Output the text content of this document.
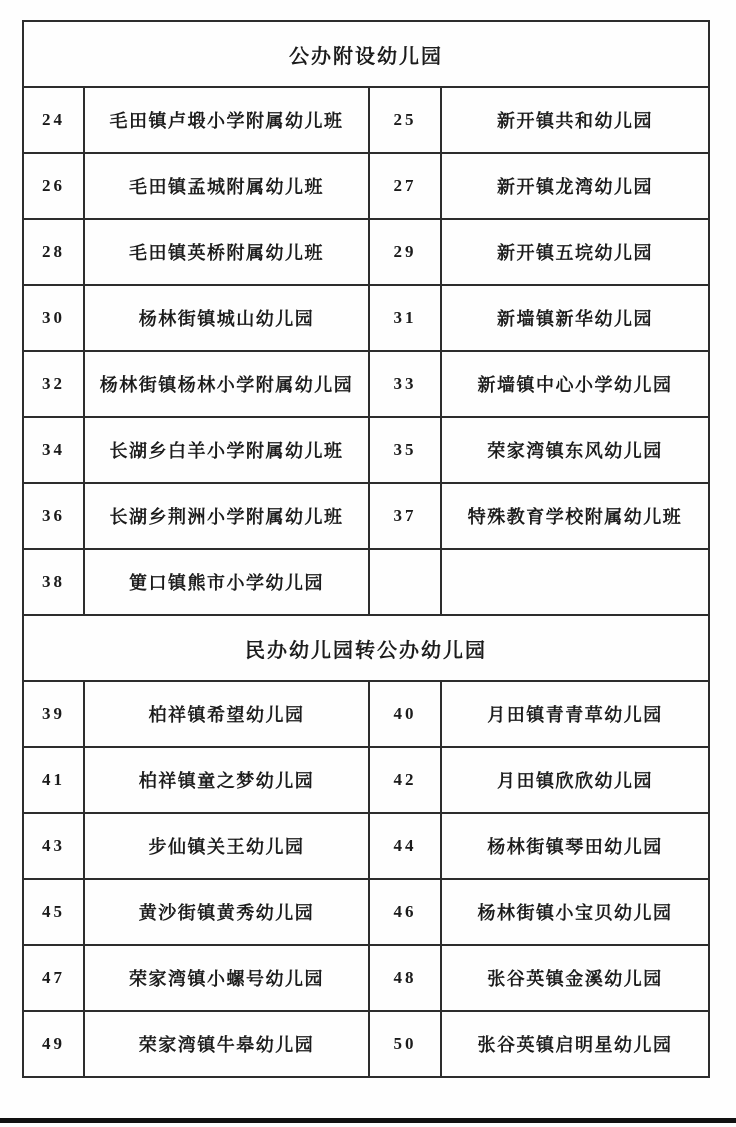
公办附设幼儿园			
24	毛田镇卢塅小学附属幼儿班	25	新开镇共和幼儿园
26	毛田镇孟城附属幼儿班	27	新开镇龙湾幼儿园
28	毛田镇英桥附属幼儿班	29	新开镇五垸幼儿园
30	杨林街镇城山幼儿园	31	新墙镇新华幼儿园
32	杨林街镇杨林小学附属幼儿园	33	新墙镇中心小学幼儿园
34	长湖乡白羊小学附属幼儿班	35	荣家湾镇东风幼儿园
36	长湖乡荆洲小学附属幼儿班	37	特殊教育学校附属幼儿班
38	筻口镇熊市小学幼儿园		
民办幼儿园转公办幼儿园			
39	柏祥镇希望幼儿园	40	月田镇青青草幼儿园
41	柏祥镇童之梦幼儿园	42	月田镇欣欣幼儿园
43	步仙镇关王幼儿园	44	杨林街镇琴田幼儿园
45	黄沙街镇黄秀幼儿园	46	杨林街镇小宝贝幼儿园
47	荣家湾镇小螺号幼儿园	48	张谷英镇金溪幼儿园
49	荣家湾镇牛皋幼儿园	50	张谷英镇启明星幼儿园
